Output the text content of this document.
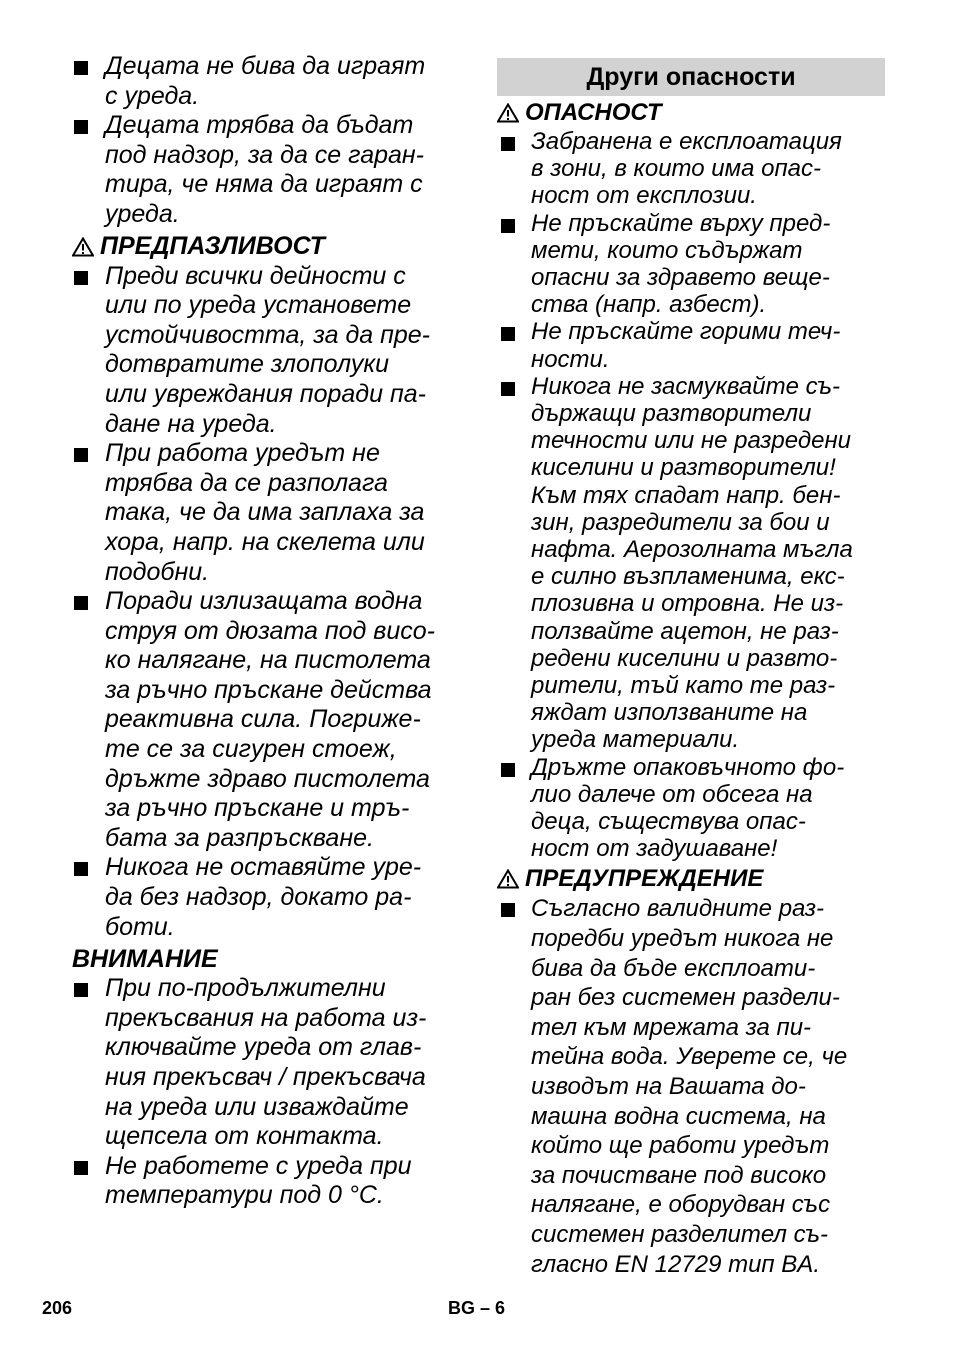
Децата не бива да играят
с уреда.
Децата трябва да бъдат
под надзор, за да се гаран-
тира, че няма да играят с
уреда.
ПРЕДПАЗЛИВОСТ
Преди всички дейности с
или по уреда установете
устойчивостта, за да пре-
дотвратите злополуки
или увреждания поради па-
дане на уреда.
При работа уредът не
трябва да се разполага
така, че да има заплаха за
хора, напр. на скелета или
подобни.
Поради излизащата водна
струя от дюзата под висо-
ко налягане, на пистолета
за ръчно пръскане действа
реактивна сила. Погриже-
те се за сигурен стоеж,
дръжте здраво пистолета
за ръчно пръскане и тръ-
бата за разпръскване.
Никога не оставяйте уре-
да без надзор, докато ра-
боти.
ВНИМАНИЕ
При по-продължителни
прекъсвания на работа из-
ключвайте уреда от глав-
ния прекъсвач / прекъсвача
на уреда или изваждайте
щепсела от контакта.
Не работете с уреда при
температури под 0 °C.
Други опасности
ОПАСНОСТ
Забранена е експлоатация
в зони, в които има опас-
ност от експлозии.
Не пръскайте върху пред-
мети, които съдържат
опасни за здравето веще-
ства (напр. азбест).
Не пръскайте горими теч-
ности.
Никога не засмуквайте съ-
държащи разтворители
течности или не разредени
киселини и разтворители!
Към тях спадат напр. бен-
зин, разредители за бои и
нафта. Аерозолната мъгла
е силно възпламенима, екс-
плозивна и отровна. Не из-
ползвайте ацетон, не раз-
редени киселини и развто-
рители, тъй като те раз-
яждат използваните на
уреда материали.
Дръжте опаковъчното фо-
лио далече от обсега на
деца, съществува опас-
ност от задушаване!
ПРЕДУПРЕЖДЕНИЕ
Съгласно валидните раз-
поредби уредът никога не
бива да бъде експлоати-
ран без системен раздели-
тел към мрежата за пи-
тейна вода. Уверете се, че
изводът на Вашата до-
машна водна система, на
който ще работи уредът
за почистване под високо
налягане, е оборудван със
системен разделител съ-
гласно EN 12729 тип BA.
206	BG – 6
